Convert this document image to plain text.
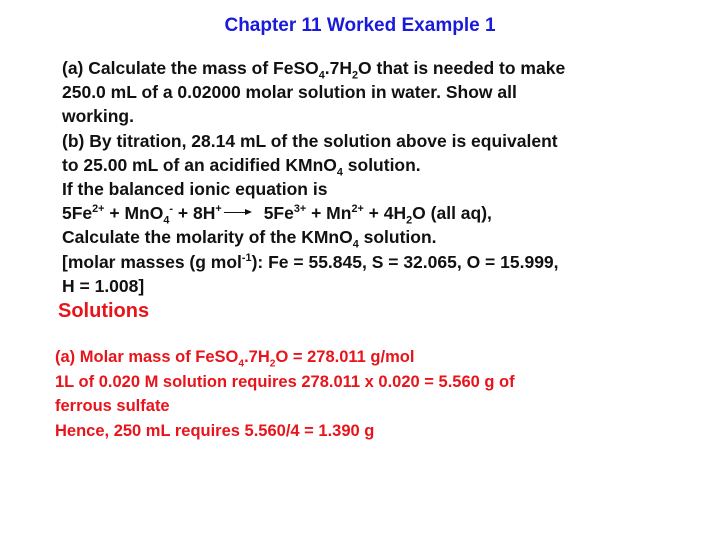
Chapter 11 Worked Example 1
(a) Calculate the mass of $FeSO_4.7H_2O$ that is needed to make
250.0 mL of a 0.02000 molar solution in water. Show all
working.
(b) By titration, 28.14 mL of the solution above is equivalent
to 25.00 mL of an acidified KMnO$_4$ solution.
If the balanced ionic equation is
$5Fe^{2+} + MnO_4^- + 8H^+ \to 5Fe^{3+} + Mn^{2+} + 4H_2O$ (all aq),
Calculate the molarity of the KMnO$_4$ solution.
[molar masses (g mol$^{-1}$): Fe = 55.845, S = 32.065, O = 15.999,
H = 1.008]
Solutions
(a) Molar mass of $FeSO_4.7H_2O = 278.011$ g/mol
1L of 0.020 M solution requires 278.011 x 0.020 = 5.560 g of
ferrous sulfate
Hence, 250 mL requires 5.560/4 = 1.390 g
